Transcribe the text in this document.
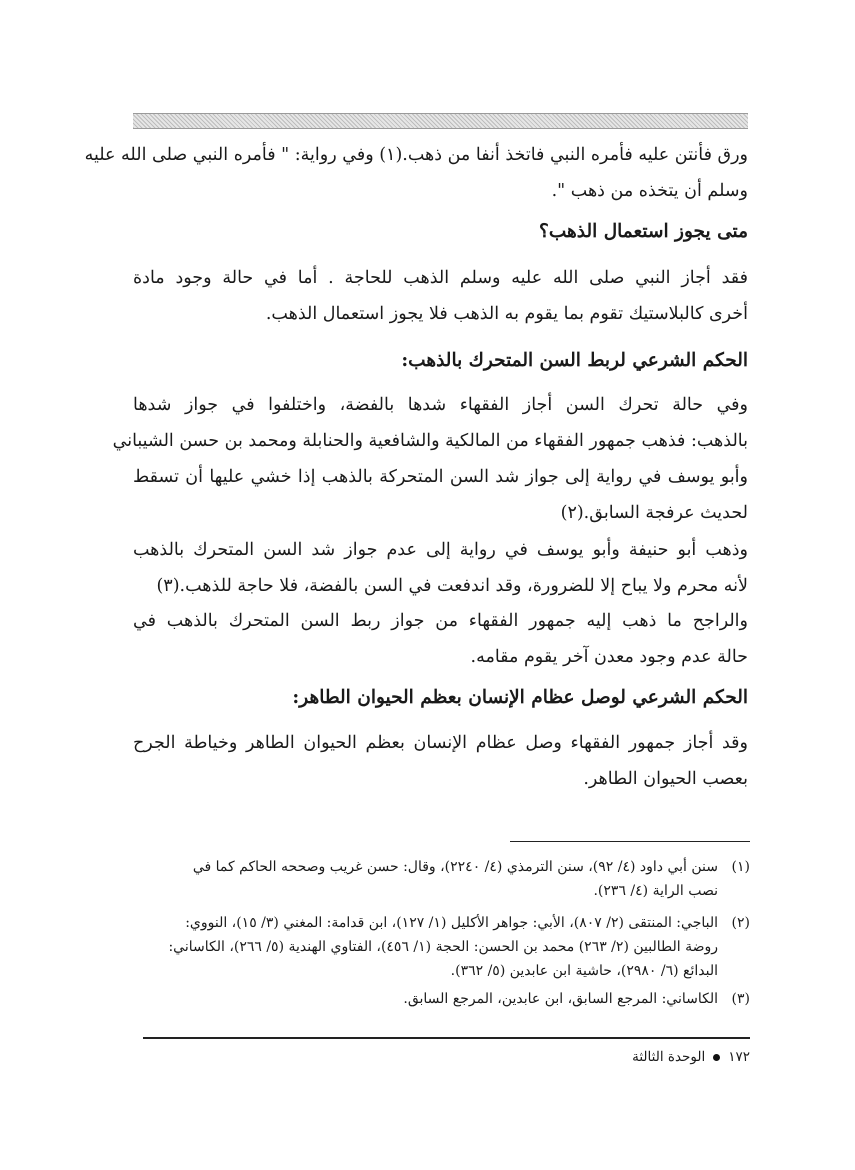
ورق فأنتن عليه فأمره النبي فاتخذ أنفا من ذهب.(١) وفي رواية: " فأمره النبي صلى الله عليه
وسلم أن يتخذه من ذهب ".
متى يجوز استعمال الذهب؟
فقد أجاز النبي صلى الله عليه وسلم الذهب للحاجة . أما في حالة وجود مادة
أخرى كالبلاستيك تقوم بما يقوم به الذهب فلا يجوز استعمال الذهب.
الحكم الشرعي لربط السن المتحرك بالذهب:
وفي حالة تحرك السن أجاز الفقهاء شدها بالفضة، واختلفوا في جواز شدها
بالذهب: فذهب جمهور الفقهاء من المالكية والشافعية والحنابلة ومحمد بن حسن الشيباني
وأبو يوسف في رواية إلى جواز شد السن المتحركة بالذهب إذا خشي عليها أن تسقط
لحديث عرفجة السابق.(٢)
وذهب أبو حنيفة وأبو يوسف في رواية إلى عدم جواز شد السن المتحرك بالذهب
لأنه محرم ولا يباح إلا للضرورة، وقد اندفعت في السن بالفضة، فلا حاجة للذهب.(٣)
والراجح ما ذهب إليه جمهور الفقهاء من جواز ربط السن المتحرك بالذهب في
حالة عدم وجود معدن آخر يقوم مقامه.
الحكم الشرعي لوصل عظام الإنسان بعظم الحيوان الطاهر:
وقد أجاز جمهور الفقهاء وصل عظام الإنسان بعظم الحيوان الطاهر وخياطة الجرح
بعصب الحيوان الطاهر.
(١)سنن أبي داود (٤/ ٩٢)، سنن الترمذي (٤/ ٢٢٤٠)، وقال: حسن غريب وصححه الحاكم كما في
نصب الراية (٤/ ٢٣٦).
(٢)الباجي: المنتقى (٢/ ٨٠٧)، الأبي: جواهر الأكليل (١/ ١٢٧)، ابن قدامة: المغني (٣/ ١٥)، النووي:
روضة الطالبين (٢/ ٢٦٣) محمد بن الحسن: الحجة (١/ ٤٥٦)، الفتاوي الهندية (٥/ ٢٦٦)، الكاساني:
البدائع (٦/ ٢٩٨٠)، حاشية ابن عابدين (٥/ ٣٦٢).
(٣)الكاساني: المرجع السابق، ابن عابدين، المرجع السابق.
١٧٢الوحدة الثالثة
